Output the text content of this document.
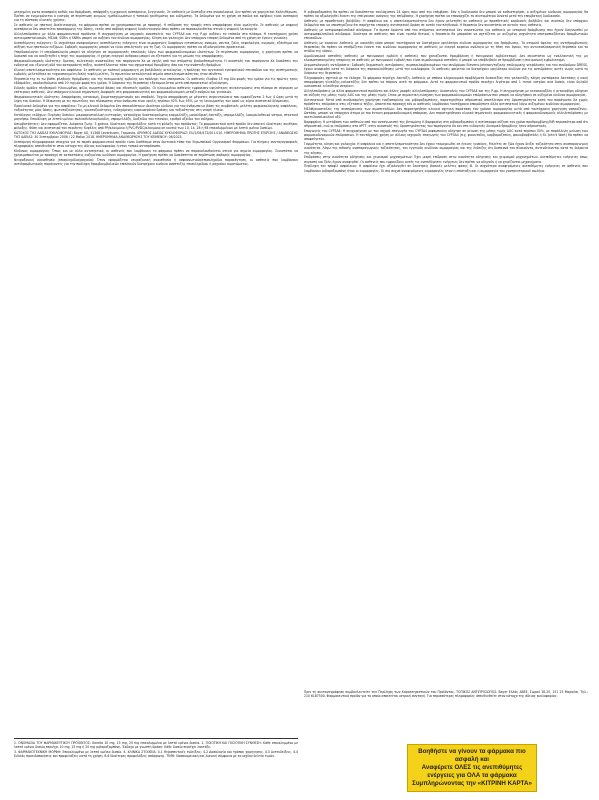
μετρημένη ρωτα ανασφαλή καθώς και θρόμβωση, απόφραξη ή μηχανική ανεπάρκεια, Συγγενικός. Σε ασθενείς με δυσταξία στα ανοσολογικά, δεν πρέπει να χορηγείται Χαλευθέρωση. Πρέπει να ενημερώνεται ο γιατρός σε περίπτωση κυημών, ημεθαλωμάτων ή τοπικού ερυθήματος και οιδήματος. Τα δεδομένα για τη χρήση σε παιδιά και εφήβους είναι ανεπαρκή για τη σύσταση κλινικής χρήσης.

Σε ασθενείς με ηπατική δυσλειτουργία, το φάρμακο πρέπει να χρησιμοποιείται με προσοχή. Η επίδραση της τροφής στην απορρόφηση είναι αμελητέα. Σε ασθενείς με νεφρική ανεπάρκεια δεν απαιτείται προσαρμογή της δόσης, εκτός από σοβαρή νεφρική δυσλειτουργία όπου πρέπει να παρακολουθείται στενά η νεφρική λειτουργία.

Αλληλεπιδράσεις με άλλα φαρμακευτικά προϊόντα: Η συγχορήγηση με ισχυρούς αναστολείς του CYP3A4 και της P-gp αυξάνει τα επίπεδα στο πλάσμα. Η ταυτόχρονη χρήση αντιαιμοπεταλιακών, ΜΣΑΦ, SSRIs ή SNRIs μπορεί να αυξήσει τον κίνδυνο αιμορραγίας. Κύηση και γαλουχία: Δεν υπάρχουν επαρκή δεδομένα από τη χρήση σε έγκυες γυναίκες.

Ανεπιθύμητες ενέργειες: Οι συχνότερα αναφερόμενες ανεπιθύμητες ενέργειες είναι αιμορραγίες διαφόρων εντοπίσεων, αναιμία, ναυτία, ζάλη, κεφαλαλγία, κνησμός, εξάνθημα και αύξηση των ηπατικών ενζύμων. Σοβαρές αιμορραγίες μπορεί να είναι απειλητικές για τη ζωή. Οι αιμορραγίες πρέπει να αξιολογούνται προσεκτικά.

Υπερδοσολογία: Η υπερδοσολογία μπορεί να οδηγήσει σε αιμορραγικές επιπλοκές λόγω των φαρμακοδυναμικών ιδιοτήτων. Σε περίπτωση αιμορραγίας, η χορήγηση πρέπει να διακοπεί και να αναζητηθεί η πηγή της αιμορραγίας. Η χρήση ενεργού άνθρακα μπορεί να εξεταστεί για τη μείωση της απορρόφησης.

Φαρμακοδυναμικές ιδιότητες: Άμεσος, εκλεκτικός αναστολέας του παράγοντα Xa με υψηλή από του στόματος βιοδιαθεσιμότητα. Η αναστολή του παράγοντα Xa διακόπτει την ενδογενή και εξωγενή οδό του καταρράκτη πήξης, αναστέλλοντας τόσο τον σχηματισμό θρομβίνης όσο και την ανάπτυξη θρόμβων.

Κλινική αποτελεσματικότητα και ασφάλεια: Σε ασθενείς με κολπική μαρμαρυγή μη βαλβιδικής αιτιολογίας, η πρόληψη του αγγειακού εγκεφαλικού επεισοδίου και της συστηματικής εμβολής μελετήθηκε σε τυχαιοποιημένη διπλή τυφλή μελέτη. Το πρωτεύον καταληκτικό σημείο αποτελεσματικότητας ήταν σύνθετο.

Θεραπεία της εν τω βάθει φλεβικής θρόμβωσης και της πνευμονικής εμβολής και πρόληψη των υποτροπών. Οι ασθενείς έλαβαν 15 mg δύο φορές την ημέρα για τις πρώτες τρεις εβδομάδες, ακολουθούμενο από 20 mg μία φορά την ημέρα. Η διάρκεια της θεραπείας εξατομικεύεται μετά από προσεκτική αξιολόγηση.

Ειδικές ομάδες πληθυσμού: Ηλικιωμένοι, φύλο, σωματικό βάρος και εθνοτικές ομάδες. Οι ηλικιωμένοι ασθενείς εμφάνισαν υψηλότερες συγκεντρώσεις στο πλάσμα σε σύγκριση με νεότερους ασθενείς. Δεν υπάρχουν κλινικά σημαντικές διαφορές στη φαρμακοκινητική και φαρμακοδυναμική μεταξύ ανδρών και γυναικών.

Φαρμακοκινητικές ιδιότητες: Απορρόφηση, κατανομή, βιομετασχηματισμός και αποβολή. Ταχεία απορρόφηση με μέγιστες συγκεντρώσεις που εμφανίζονται 2 έως 4 ώρες μετά τη λήψη του δισκίου. Η δέσμευση με τις πρωτεΐνες του πλάσματος στον άνθρωπο είναι υψηλή, περίπου 92% έως 95%, με τη λευκωματίνη του ορού ως κύριο συστατικό δέσμευσης.

Προκλινικά δεδομένα για την ασφάλεια: Τα μη κλινικά δεδομένα δεν αποκαλύπτουν ιδιαίτερο κίνδυνο για τον άνθρωπο με βάση τις συμβατικές μελέτες φαρμακολογικής ασφάλειας, τοξικότητας μίας δόσης, φωτοτοξικότητας, γονοτοξικότητας, ενδεχόμενης καρκινογόνου δράσης και τοξικότητας στη νεαρή ηλικία.

Κατάλογος εκδόχων: Πυρήνας δισκίου: μικροκρυσταλλική κυτταρίνη, νατριούχος διασταυρούμενη καρμελλόζη, μονοϋδρική λακτόζη, υπρομελλόζη, λαουρυλοθειικό νάτριο, στεατικό μαγνήσιο. Επικάλυψη με λεπτό υμένιο: πολυαιθυλενογλυκόλη, υπρομελλόζη, διοξείδιο του τιτανίου, ερυθρό οξείδιο του σιδήρου.

Ασυμβατότητες: Δεν εφαρμόζεται. Διάρκεια ζωής: 3 χρόνια. Ιδιαίτερες προφυλάξεις κατά τη φύλαξη του προϊόντος: Το φαρμακευτικό αυτό προϊόν δεν απαιτεί ιδιαίτερες συνθήκες φύλαξης. Φύση και συστατικά του περιέκτη: Κυψέλες από PP/αλουμίνιο ή PVC/PVDC/αλουμίνιο σε κουτιά των 10, 14, 28 ή 98 επικαλυμμένων με λεπτό υμένιο δισκίων.

ΚΑΤΟΧΟΣ ΤΗΣ ΑΔΕΙΑΣ ΚΥΚΛΟΦΟΡΙΑΣ: Bayer AG, 51368 Leverkusen, Γερμανία. ΑΡΙΘΜΟΣ ΑΔΕΙΑΣ ΚΥΚΛΟΦΟΡΙΑΣ: EU/1/08/472/001-010. ΗΜΕΡΟΜΗΝΙΑ ΠΡΩΤΗΣ ΕΓΚΡΙΣΗΣ / ΑΝΑΝΕΩΣΗΣ ΤΗΣ ΑΔΕΙΑΣ: 30 Σεπτεμβρίου 2008 / 22 Μαΐου 2018. ΗΜΕΡΟΜΗΝΙΑ ΑΝΑΘΕΩΡΗΣΗΣ ΤΟΥ ΚΕΙΜΕΝΟΥ: 06/2023.

Λεπτομερή πληροφοριακά στοιχεία για το παρόν φαρμακευτικό προϊόν είναι διαθέσιμα στον δικτυακό τόπο του Ευρωπαϊκού Οργανισμού Φαρμάκων. Για πλήρεις συνταγογραφικές πληροφορίες απευθυνθείτε στον κάτοχο της άδειας κυκλοφορίας ή στον τοπικό αντιπρόσωπο.

Κίνδυνος αιμορραγίας: Όπως και με άλλα αντιπηκτικά, οι ασθενείς που λαμβάνουν το φάρμακο πρέπει να παρακολουθούνται στενά για σημεία αιμορραγίας. Συνιστάται να χρησιμοποιείται με προσοχή σε καταστάσεις αυξημένου κινδύνου αιμορραγίας. Η χορήγηση πρέπει να διακόπτεται σε περίπτωση σοβαρής αιμορραγίας.

Νευραξονική αναισθησία (επισκληρίδια/ραχιαία): Όταν εφαρμόζεται νευραξονική αναισθησία ή οσφυονωτιαία/επισκληρίδια παρακέντηση, οι ασθενείς που λαμβάνουν αντιθρομβωτικούς παράγοντες για την πρόληψη θρομβοεμβολικών επιπλοκών διατρέχουν κίνδυνο ανάπτυξης επισκληρίδιου ή ραχιαίου αιματώματος.

Η ριβαροξαμπάνη θα πρέπει να διακόπτεται τουλάχιστον 24 ώρες πριν από την επέμβαση. Εάν η διαδικασία δεν μπορεί να καθυστερήσει, ο αυξημένος κίνδυνος αιμορραγίας θα πρέπει να αξιολογηθεί έναντι της επείγουσας ανάγκης της επέμβασης. Η χορήγηση πρέπει να επαναρχίζει το συντομότερο δυνατό μετά την επεμβατική διαδικασία.

Ασθενείς με προσθετικές βαλβίδες: Η ασφάλεια και η αποτελεσματικότητα δεν έχουν μελετηθεί σε ασθενείς με προσθετικές καρδιακές βαλβίδες και συνεπώς δεν υπάρχουν δεδομένα που να υποστηρίζουν ότι παρέχεται επαρκής αντιπηκτική δράση σε αυτόν τον πληθυσμό. Η θεραπεία δεν συνιστάται σε αυτούς τους ασθενείς.

Ασθενείς με αντιφωσφολιπιδικό σύνδρομο: Τα άμεσα δρώντα από του στόματος αντιπηκτικά δεν συνιστώνται για ασθενείς με ιστορικό θρόμβωσης που έχουν διαγνωσθεί με αντιφωσφολιπιδικό σύνδρομο. Ιδιαίτερα σε ασθενείς που είναι τριπλά θετικοί, η θεραπεία θα μπορούσε να σχετίζεται με αυξημένη συχνότητα υποτροπιαζόντων θρομβωτικών επεισοδίων.

Ασθενείς με καρκίνο: Ασθενείς με κακοήθη νόσο μπορεί ταυτόχρονα να διατρέχουν υψηλότερο κίνδυνο αιμορραγίας και θρόμβωσης. Το ατομικό όφελος της αντιθρομβωτικής θεραπείας θα πρέπει να σταθμίζεται έναντι του κινδύνου αιμορραγίας σε ασθενείς με ενεργό καρκίνο ανάλογα με τη θέση του όγκου, την αντινεοπλασματική θεραπεία και το στάδιο της νόσου.

Αιμοδυναμικά ασταθείς ασθενείς με πνευμονική εμβολή ή ασθενείς που χρειάζονται θρομβόλυση ή πνευμονική εμβολεκτομή: Δεν συνιστάται ως εναλλακτική της μη κλασματοποιημένης ηπαρίνης σε ασθενείς με πνευμονική εμβολή που είναι αιμοδυναμικά ασταθείς ή μπορεί να υποβληθούν σε θρομβόλυση ή πνευμονική εμβολεκτομή.

Δερματολογικές αντιδράσεις: Σοβαρές δερματικές αντιδράσεις, συμπεριλαμβανομένου του συνδρόμου Stevens-Johnson/τοξικής επιδερμικής νεκρόλυσης και του συνδρόμου DRESS, έχουν αναφερθεί κατά τη διάρκεια της παρακολούθησης μετά την κυκλοφορία. Οι ασθενείς φαίνεται να διατρέχουν υψηλότερο κίνδυνο για τις αντιδράσεις αυτές νωρίς κατά τη διάρκεια της θεραπείας.

Πληροφορίες σχετικά με τα έκδοχα: Το φάρμακο περιέχει λακτόζη. Ασθενείς με σπάνια κληρονομικά προβλήματα δυσανεξίας στη γαλακτόζη, πλήρη ανεπάρκεια λακτάσης ή κακή απορρόφηση γλυκόζης-γαλακτόζης δεν πρέπει να πάρουν αυτό το φάρμακο. Αυτό το φαρμακευτικό προϊόν περιέχει λιγότερο από 1 mmol νατρίου ανά δισκίο, είναι δηλαδή ουσιαστικά «ελεύθερο νατρίου».

Αλληλεπιδράσεις με άλλα φαρμακευτικά προϊόντα και άλλες μορφές αλληλεπίδρασης: Αναστολείς του CYP3A4 και της P-gp. Η συγχορήγηση με κετοκοναζόλη ή ριτοναβίρη οδήγησε σε αύξηση της μέσης τιμής AUC και της μέσης τιμής Cmax με σημαντική ενίσχυση των φαρμακοδυναμικών επιδράσεων που μπορεί να οδηγήσουν σε αυξημένο κίνδυνο αιμορραγίας.

Αντιπηκτικά: Μετά από συνδυασμένη χορήγηση ενοξαπαρίνης και ριβαροξαμπάνης, παρατηρήθηκε αθροιστικό αποτέλεσμα στη δραστηριότητα κατά του παράγοντα Xa χωρίς πρόσθετες επιδράσεις στις εξετάσεις πήξης. Απαιτείται προσοχή εάν οι ασθενείς λαμβάνουν ταυτόχρονα οποιοδήποτε άλλο αντιπηκτικό λόγω αυξημένου κινδύνου αιμορραγίας.

ΜΣΑΦ/αναστολείς της συσσώρευσης των αιμοπεταλίων: Δεν παρατηρήθηκε κλινικά σχετική παράταση του χρόνου αιμορραγίας μετά από ταυτόχρονη χορήγηση ναπροξένης. Ωστόσο, μπορεί να υπάρχουν άτομα με πιο έντονη φαρμακοδυναμική απόκριση. Δεν παρατηρήθηκαν κλινικά σημαντικές φαρμακοκινητικές ή φαρμακοδυναμικές αλληλεπιδράσεις με ακετυλοσαλικυλικό οξύ.

Βαρφαρίνη: Η μετάβαση των ασθενών από τον ανταγωνιστή της βιταμίνης Κ βαρφαρίνη στη ριβαροξαμπάνη ή αντίστροφα αύξησε τον χρόνο προθρομβίνης/INR περισσότερο από ότι αθροιστικά, ενώ οι επιδράσεις στο aPTT, στην αναστολή της δραστηριότητας του παράγοντα Xa και στο ενδογενές δυναμικό θρομβίνης ήταν αθροιστικές.

Επαγωγείς του CYP3A4: Η συγχορήγηση με τον ισχυρό επαγωγέα του CYP3A4 ριφαμπικίνη οδήγησε σε μείωση της μέσης τιμής AUC κατά περίπου 50%, με παράλληλη μείωση των φαρμακοδυναμικών επιδράσεων. Η ταυτόχρονη χρήση με άλλους ισχυρούς επαγωγείς του CYP3A4 (π.χ. φαινυτοΐνη, καρβαμαζεπίνη, φαινοβαρβιτάλη ή St. John's Wort) θα πρέπει να αποφεύγεται.

Γονιμότητα, κύηση και γαλουχία: Η ασφάλεια και η αποτελεσματικότητα δεν έχουν τεκμηριωθεί σε έγκυες γυναίκες. Μελέτες σε ζώα έχουν δείξει τοξικότητα στην αναπαραγωγική ικανότητα. Λόγω της πιθανής αναπαραγωγικής τοξικότητας, του εγγενούς κινδύνου αιμορραγίας και της ένδειξης ότι διαπερνά τον πλακούντα, αντενδείκνυται κατά τη διάρκεια της κύησης.

Επιδράσεις στην ικανότητα οδήγησης και χειρισμού μηχανημάτων: Έχει μικρή επίδραση στην ικανότητα οδήγησης και χειρισμού μηχανημάτων. Ανεπιθύμητες ενέργειες όπως συγκοπή και ζάλη έχουν αναφερθεί. Οι ασθενείς που εμφανίζουν αυτές τις ανεπιθύμητες ενέργειες δεν πρέπει να οδηγούν ή να χειρίζονται μηχανήματα.

Περίληψη του προφίλ ασφάλειας: Η ασφάλεια έχει αξιολογηθεί σε δεκατρείς βασικές μελέτες φάσης III. Οι συχνότερα αναφερόμενες ανεπιθύμητες ενέργειες σε ασθενείς που λαμβάνουν ριβαροξαμπάνη ήταν οι αιμορραγίες. Οι πιο συχνά αναφερόμενες αιμορραγίες ήταν η επίσταξη και η αιμορραγία του γαστρεντερικού σωλήνα.

1. ΟΝΟΜΑΣΙΑ ΤΟΥ ΦΑΡΜΑΚΕΥΤΙΚΟΥ ΠΡΟΪΟΝΤΟΣ: Xarelto 10 mg, 15 mg, 20 mg επικαλυμμένα με λεπτό υμένιο δισκία. 2. ΠΟΙΟΤΙΚΗ ΚΑΙ ΠΟΣΟΤΙΚΗ ΣΥΝΘΕΣΗ: Κάθε επικαλυμμένο με λεπτό υμένιο δισκίο περιέχει 10 mg, 15 mg ή 20 mg ριβαροξαμπάνη. Έκδοχο με γνωστή δράση: Κάθε δισκίο περιέχει λακτόζη.

3. ΦΑΡΜΑΚΟΤΕΧΝΙΚΗ ΜΟΡΦΗ: Επικαλυμμένο με λεπτό υμένιο δισκίο. 4. ΚΛΙΝΙΚΑ ΣΤΟΙΧΕΙΑ: 4.1 Θεραπευτικές ενδείξεις. 4.2 Δοσολογία και τρόπος χορήγησης. 4.3 Αντενδείξεις. 4.4 Ειδικές προειδοποιήσεις και προφυλάξεις κατά τη χρήση. 6.6 Ιδιαίτερες προφυλάξεις απόρριψης. ΤΙΜΗ: Νοσοκομειακή και λιανική σύμφωνα με το ισχύον δελτίο τιμών.

Πριν τη συνταγογράφηση συμβουλευτείτε την Περίληψη των Χαρακτηριστικών του Προϊόντος. ΤΟΠΙΚΟΣ ΑΝΤΙΠΡΟΣΩΠΟΣ: Bayer Ελλάς ΑΒΕΕ, Σωρού 18-20, 151 25 Μαρούσι, Τηλ.: 210 6187500. Φαρμακευτικό προϊόν για το οποίο απαιτείται ιατρική συνταγή. Για περισσότερες πληροφορίες απευθυνθείτε στον κάτοχο της άδειας κυκλοφορίας.
Βοηθήστε να γίνουν τα φάρμακα πιο ασφαλή και
Αναφέρετε ΟΛΕΣ τις ανεπιθύμητες ενέργειες για ΟΛΑ τα φάρμακα
Συμπληρώνοντας την «ΚΙΤΡΙΝΗ ΚΑΡΤΑ»
